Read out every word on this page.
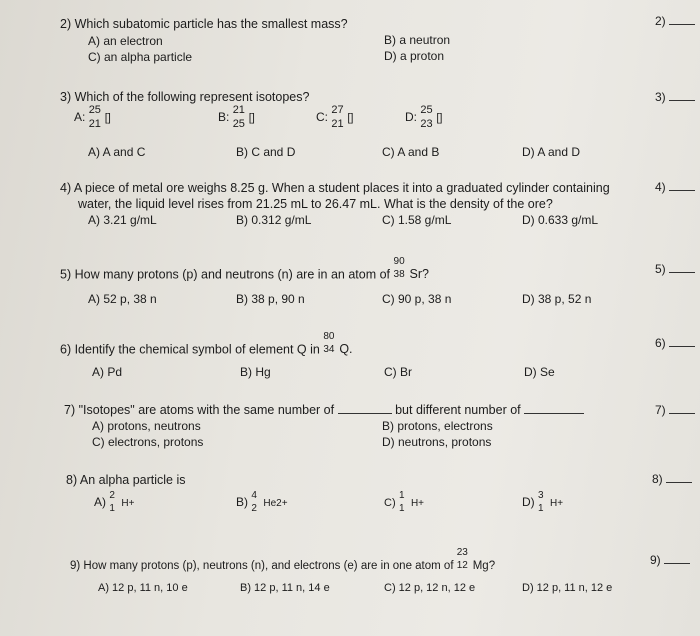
2) Which subatomic particle has the smallest mass?	2)
A) an electron	B) a neutron
C) an alpha particle	D) a proton
3) Which of the following represent isotopes?	3)
A:
25
21 []	B:
21
25 []	C:
27
21 []	D:
25
23 []
A) A and C	B) C and D	C) A and B	D) A and D
4) A piece of metal ore weighs 8.25 g. When a student places it into a graduated cylinder containing
water, the liquid level rises from 21.25 mL to 26.47 mL. What is the density of the ore?
4)
A) 3.21 g/mL	B) 0.312 g/mL	C) 1.58 g/mL	D) 0.633 g/mL
5) How many protons (p) and neutrons (n) are in an atom of
90
38 Sr?	5)
A) 52 p, 38 n	B) 38 p, 90 n	C) 90 p, 38 n	D) 38 p, 52 n
6) Identify the chemical symbol of element Q in
80
34 Q.	6)
A) Pd	B) Hg	C) Br	D) Se
7) "Isotopes" are atoms with the same number of	but different number of	7)
A) protons, neutrons	B) protons, electrons
C) electrons, protons	D) neutrons, protons
8) An alpha particle is	8)
A) 2
1 H+	B) 4
2 He2+	C)
1
1 H+	D) 3
1 H+
9) How many protons (p), neutrons (n), and electrons (e) are in one atom of
23
12 Mg?	9)
A) 12 p, 11 n, 10 e	B) 12 p, 11 n, 14 e	C) 12 p, 12 n, 12 e	D) 12 p, 11 n, 12 e
